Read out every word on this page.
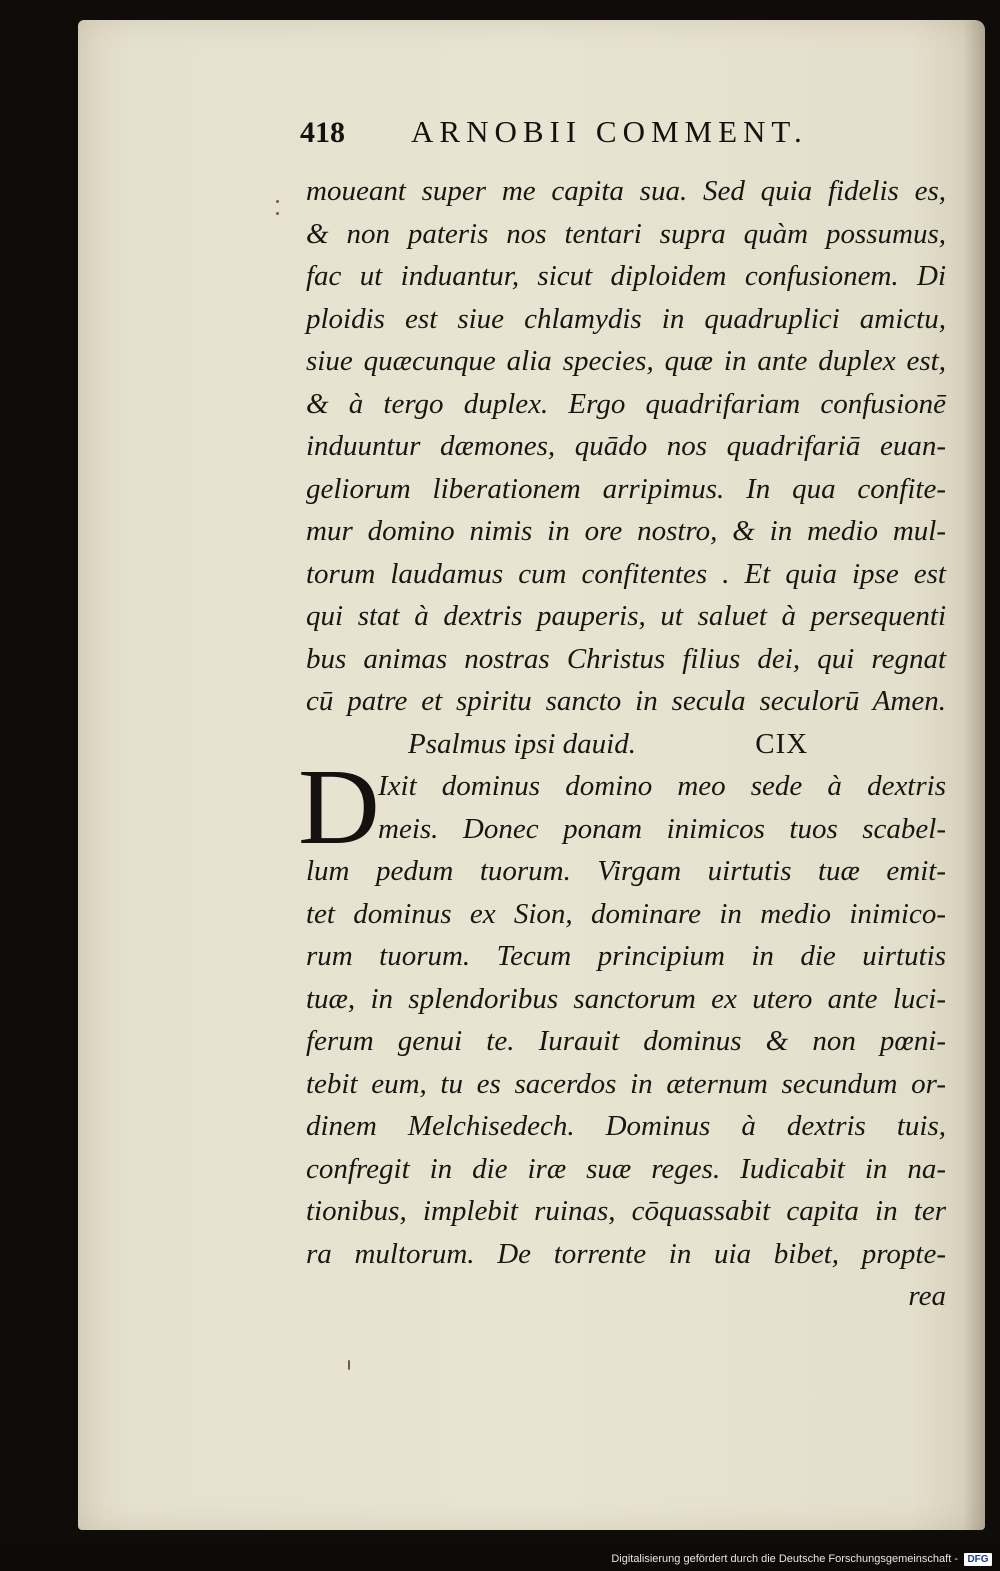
418 ARNOBII COMMENT.
moueant super me capita sua. Sed quia fidelis es,
& non pateris nos tentari supra quàm possumus,
fac ut induantur, sicut diploidem confusionem. Di
ploidis est siue chlamydis in quadruplici amictu,
siue quæcunque alia species, quæ in ante duplex est,
& à tergo duplex. Ergo quadrifariam confusionē
induuntur dæmones, quādo nos quadrifariā euan-
geliorum liberationem arripimus. In qua confite-
mur domino nimis in ore nostro, & in medio mul-
torum laudamus cum confitentes . Et quia ipse est
qui stat à dextris pauperis, ut saluet à persequenti
bus animas nostras Christus filius dei, qui regnat
cū patre et spiritu sancto in secula seculorū Amen.
Psalmus ipsi dauid.	CIX
D
Ixit dominus domino meo sede à dextris
meis. Donec ponam inimicos tuos scabel-
lum pedum tuorum. Virgam uirtutis tuæ emit-
tet dominus ex Sion, dominare in medio inimico-
rum tuorum. Tecum principium in die uirtutis
tuæ, in splendoribus sanctorum ex utero ante luci-
ferum genui te. Iurauit dominus & non pœni-
tebit eum, tu es sacerdos in æternum secundum or-
dinem Melchisedech. Dominus à dextris tuis,
confregit in die iræ suæ reges. Iudicabit in na-
tionibus, implebit ruinas, cōquassabit capita in ter
ra multorum. De torrente in uia bibet, propte-
rea
Digitalisierung gefördert durch die Deutsche Forschungsgemeinschaft - DFG
